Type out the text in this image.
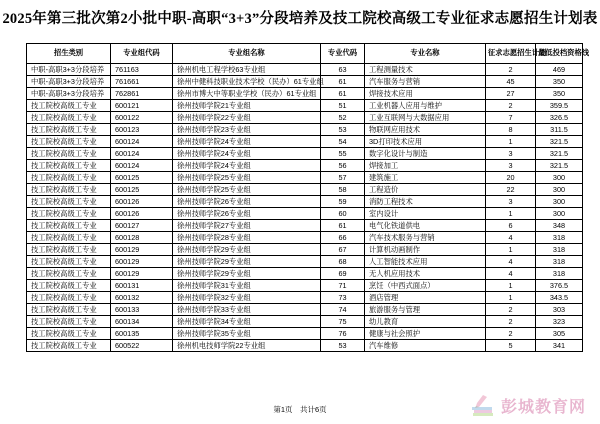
2025年第三批次第2小批中职-高职“3+3”分段培养及技工院校高级工专业征求志愿招生计划表
招生类别	专业组代码	专业组名称	专业代码	专业名称	征求志愿招生计划	最低投档资格线
中职-高职3+3分段培养	761163	徐州机电工程学校63专业组	63	工程测量技术	2	469
中职-高职3+3分段培养	761661	徐州中健科技职业技术学校（民办）61专业组	61	汽车服务与营销	45	350
中职-高职3+3分段培养	762861	徐州市博大中等职业学校（民办）61专业组	61	焊接技术应用	27	350
技工院校高级工专业	600121	徐州技师学院21专业组	51	工业机器人应用与维护	2	359.5
技工院校高级工专业	600122	徐州技师学院22专业组	52	工业互联网与大数据应用	7	326.5
技工院校高级工专业	600123	徐州技师学院23专业组	53	物联网应用技术	8	311.5
技工院校高级工专业	600124	徐州技师学院24专业组	54	3D打印技术应用	1	321.5
技工院校高级工专业	600124	徐州技师学院24专业组	55	数字化设计与制造	3	321.5
技工院校高级工专业	600124	徐州技师学院24专业组	56	焊接加工	3	321.5
技工院校高级工专业	600125	徐州技师学院25专业组	57	建筑施工	20	300
技工院校高级工专业	600125	徐州技师学院25专业组	58	工程造价	22	300
技工院校高级工专业	600126	徐州技师学院26专业组	59	消防工程技术	3	300
技工院校高级工专业	600126	徐州技师学院26专业组	60	室内设计	1	300
技工院校高级工专业	600127	徐州技师学院27专业组	61	电气化铁道供电	6	348
技工院校高级工专业	600128	徐州技师学院28专业组	66	汽车技术服务与营销	4	318
技工院校高级工专业	600129	徐州技师学院29专业组	67	计算机动画制作	1	318
技工院校高级工专业	600129	徐州技师学院29专业组	68	人工智能技术应用	4	318
技工院校高级工专业	600129	徐州技师学院29专业组	69	无人机应用技术	4	318
技工院校高级工专业	600131	徐州技师学院31专业组	71	烹饪（中西式面点）	1	376.5
技工院校高级工专业	600132	徐州技师学院32专业组	73	酒店管理	1	343.5
技工院校高级工专业	600133	徐州技师学院33专业组	74	旅游服务与管理	2	303
技工院校高级工专业	600134	徐州技师学院34专业组	75	幼儿教育	2	323
技工院校高级工专业	600135	徐州技师学院35专业组	76	健康与社会照护	2	305
技工院校高级工专业	600522	徐州机电技师学院22专业组	53	汽车维修	5	341
第1页　共计6页	彭城教育网
